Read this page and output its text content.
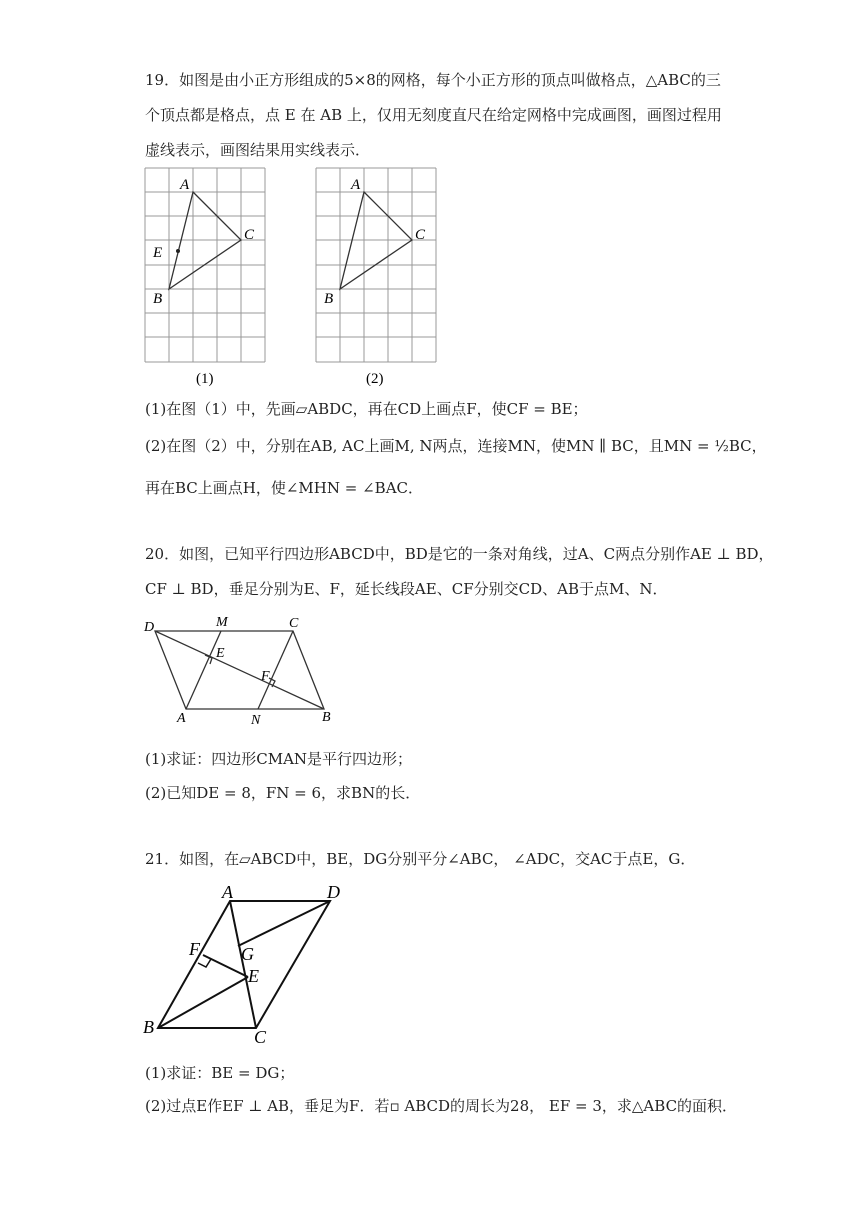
19．如图是由小正方形组成的5×8的网格，每个小正方形的顶点叫做格点，△ABC的三
个顶点都是格点，点 E 在 AB 上，仅用无刻度直尺在给定网格中完成画图，画图过程用
虚线表示，画图结果用实线表示．
A
C
E
B
(1)
A
C
B
(2)
(1)在图（1）中，先画▱ABDC，再在CD上画点F，使CF = BE；
(2)在图（2）中，分别在AB, AC上画M, N两点，连接MN，使MN ∥ BC，且MN = ½BC，
再在BC上画点H，使∠MHN = ∠BAC．
20．如图，已知平行四边形ABCD中，BD是它的一条对角线，过A、C两点分别作AE ⊥ BD，
CF ⊥ BD，垂足分别为E、F，延长线段AE、CF分别交CD、AB于点M、N．
D	M	C
E
F
A	N	B
(1)求证：四边形CMAN是平行四边形；
(2)已知DE = 8，FN = 6，求BN的长．
21．如图，在▱ABCD中，BE，DG分别平分∠ABC， ∠ADC，交AC于点E，G．
A	D
F G
E
B	C
(1)求证：BE = DG；
(2)过点E作EF ⊥ AB，垂足为F．若▫ ABCD的周长为28， EF = 3，求△ABC的面积．
